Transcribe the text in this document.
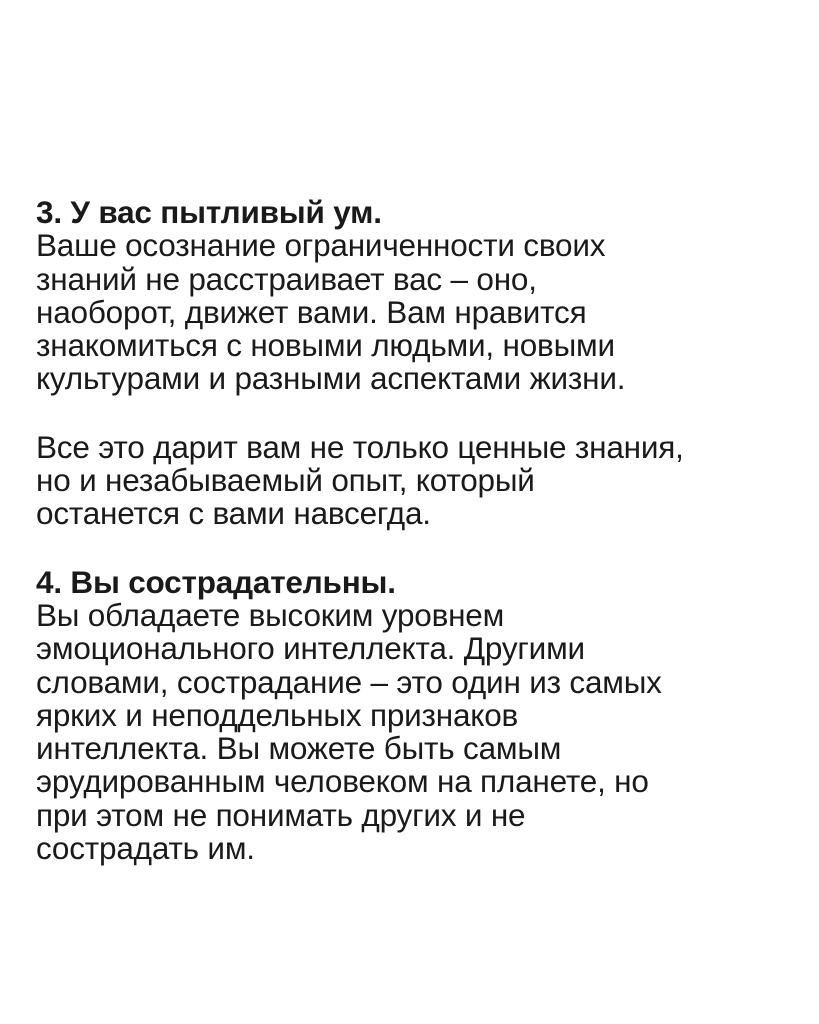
3. У вас пытливый ум.
Ваше осознание ограниченности своих
знаний не расстраивает вас – оно,
наоборот, движет вами. Вам нравится
знакомиться с новыми людьми, новыми
культурами и разными аспектами жизни.
Все это дарит вам не только ценные знания,
но и незабываемый опыт, который
останется с вами навсегда.
4. Вы сострадательны.
Вы обладаете высоким уровнем
эмоционального интеллекта. Другими
словами, сострадание – это один из самых
ярких и неподдельных признаков
интеллекта. Вы можете быть самым
эрудированным человеком на планете, но
при этом не понимать других и не
сострадать им.
